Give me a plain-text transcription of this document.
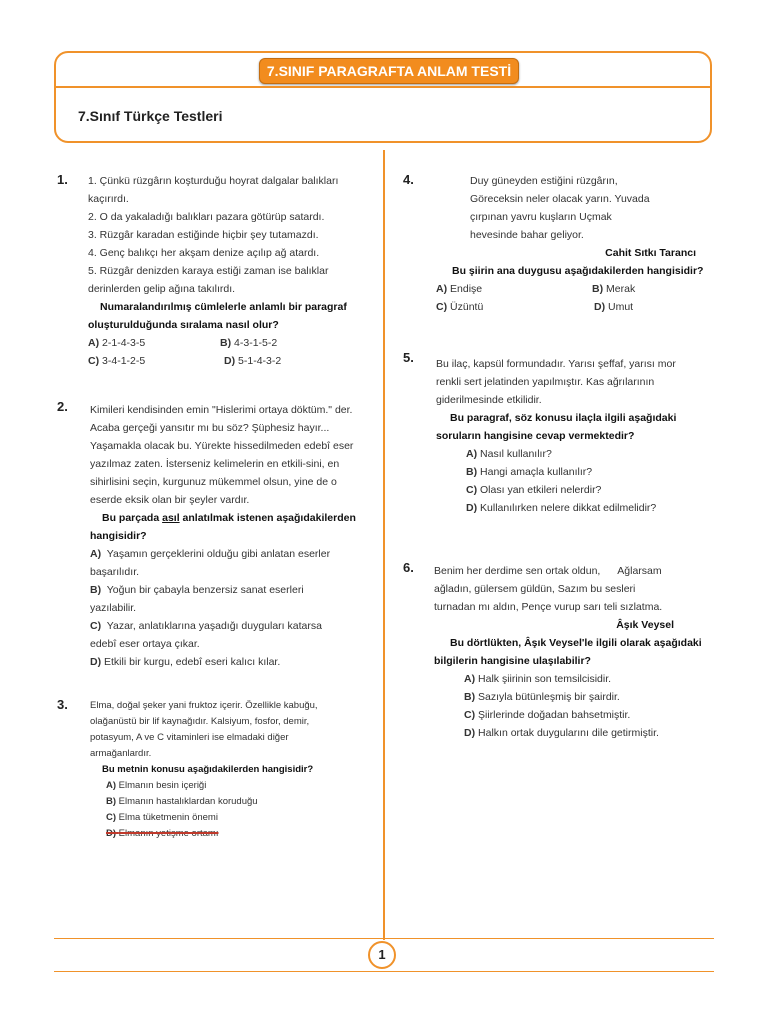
7.SINIF PARAGRAFTA ANLAM TESTİ
7.Sınıf Türkçe Testleri
1. 1. Çünkü rüzgârın koşturduğu hoyrat dalgalar balıkları
kaçırırdı.
2. O da yakaladığı balıkları pazara götürüp satardı.
3. Rüzgâr karadan estiğinde hiçbir şey tutamazdı.
4. Genç balıkçı her akşam denize açılıp ağ atardı.
5. Rüzgâr denizden karaya estiği zaman ise balıklar
derinlerden gelip ağına takılırdı.
Numaralandırılmış cümlelerle anlamlı bir paragraf
oluşturulduğunda sıralama nasıl olur?
A) 2-1-4-3-5	B) 4-3-1-5-2
C) 3-4-1-2-5	D) 5-1-4-3-2
2. Kimileri kendisinden emin "Hislerimi ortaya döktüm." der.
Acaba gerçeği yansıtır mı bu söz? Şüphesiz hayır...
Yaşamakla olacak bu. Yürekte hissedilmeden edebî eser
yazılmaz zaten. İsterseniz kelimelerin en etkili-sini, en
sihirlisini seçin, kurgunuz mükemmel olsun, yine de o
eserde eksik olan bir şeyler vardır.
Bu parçada asıl anlatılmak istenen aşağıdakilerden
hangisidir?
A) Yaşamın gerçeklerini olduğu gibi anlatan eserler
başarılıdır.
B) Yoğun bir çabayla benzersiz sanat eserleri
yazılabilir.
C) Yazar, anlatıklarına yaşadığı duyguları katarsa
edebî eser ortaya çıkar.
D) Etkili bir kurgu, edebî eseri kalıcı kılar.
3. Elma, doğal şeker yani fruktoz içerir. Özellikle kabuğu,
olağanüstü bir lif kaynağıdır. Kalsiyum, fosfor, demir,
potasyum, A ve C vitaminleri ise elmadaki diğer
armağanlardır.
Bu metnin konusu aşağıdakilerden hangisidir?
A) Elmanın besin içeriği
B) Elmanın hastalıklardan koruduğu
C) Elma tüketmenin önemi
D) Elmanın yetişme ortamı
4.	Duy güneyden estiğini rüzgârın,
Göreceksin neler olacak yarın. Yuvada
çırpınan yavru kuşların Uçmak
hevesinde bahar geliyor.
Cahit Sıtkı Tarancı
Bu şiirin ana duygusu aşağıdakilerden hangisidir?
A) Endişe	B) Merak
C) Üzüntü	D) Umut
5. Bu ilaç, kapsül formundadır. Yarısı şeffaf, yarısı mor
renkli sert jelatinden yapılmıştır. Kas ağrılarının
giderilmesinde etkilidir.
Bu paragraf, söz konusu ilaçla ilgili aşağıdaki
soruların hangisine cevap vermektedir?
A) Nasıl kullanılır?
B) Hangi amaçla kullanılır?
C) Olası yan etkileri nelerdir?
D) Kullanılırken nelere dikkat edilmelidir?
6. Benim her derdime sen ortak oldun,      Ağlarsam
ağladın, gülersem güldün, Sazım bu sesleri
turnadan mı aldın, Pençe vurup sarı teli sızlatma.
Âşık Veysel
Bu dörtlükten, Âşık Veysel'le ilgili olarak aşağıdaki
bilgilerin hangisine ulaşılabilir?
A) Halk şiirinin son temsilcisidir.
B) Sazıyla bütünleşmiş bir şairdir.
C) Şiirlerinde doğadan bahsetmiştir.
D) Halkın ortak duygularını dile getirmiştir.
1
